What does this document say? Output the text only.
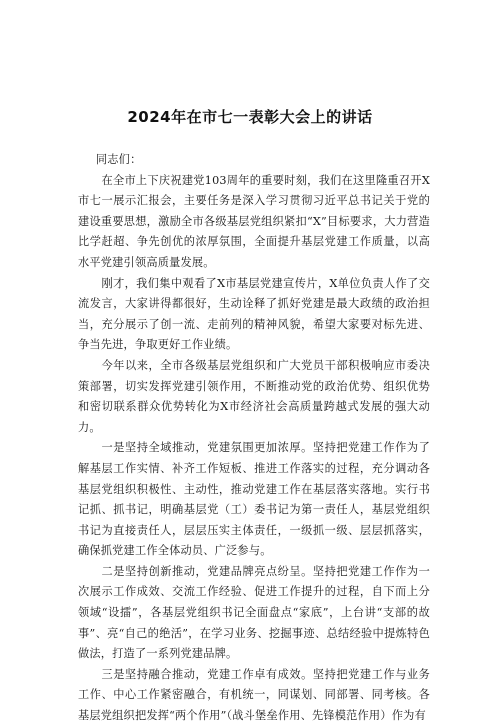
2024年在市七一表彰大会上的讲话

同志们：

在全市上下庆祝建党103周年的重要时刻，我们在这里隆重召开X市七一展示汇报会，主要任务是深入学习贯彻习近平总书记关于党的建设重要思想，激励全市各级基层党组织紧扣“X”目标要求，大力营造比学赶超、争先创优的浓厚氛围，全面提升基层党建工作质量，以高水平党建引领高质量发展。

刚才，我们集中观看了X市基层党建宣传片，X单位负责人作了交流发言，大家讲得都很好，生动诠释了抓好党建是最大政绩的政治担当，充分展示了创一流、走前列的精神风貌，希望大家要对标先进、争当先进，争取更好工作业绩。

今年以来，全市各级基层党组织和广大党员干部积极响应市委决策部署，切实发挥党建引领作用，不断推动党的政治优势、组织优势和密切联系群众优势转化为X市经济社会高质量跨越式发展的强大动力。

一是坚持全域推动，党建氛围更加浓厚。坚持把党建工作作为了解基层工作实情、补齐工作短板、推进工作落实的过程，充分调动各基层党组织积极性、主动性，推动党建工作在基层落实落地。实行书记抓、抓书记，明确基层党（工）委书记为第一责任人，基层党组织书记为直接责任人，层层压实主体责任，一级抓一级、层层抓落实，确保抓党建工作全体动员、广泛参与。

二是坚持创新推动，党建品牌亮点纷呈。坚持把党建工作作为一次展示工作成效、交流工作经验、促进工作提升的过程，自下而上分领域“设擂”，各基层党组织书记全面盘点“家底”，上台讲“支部的故事”、亮“自己的绝活”，在学习业务、挖掘事迹、总结经验中提炼特色做法，打造了一系列党建品牌。

三是坚持融合推动，党建工作卓有成效。坚持把党建工作与业务工作、中心工作紧密融合，有机统一，同谋划、同部署、同考核。各基层党组织把发挥“两个作用”（战斗堡垒作用、先锋模范作用）作为有
